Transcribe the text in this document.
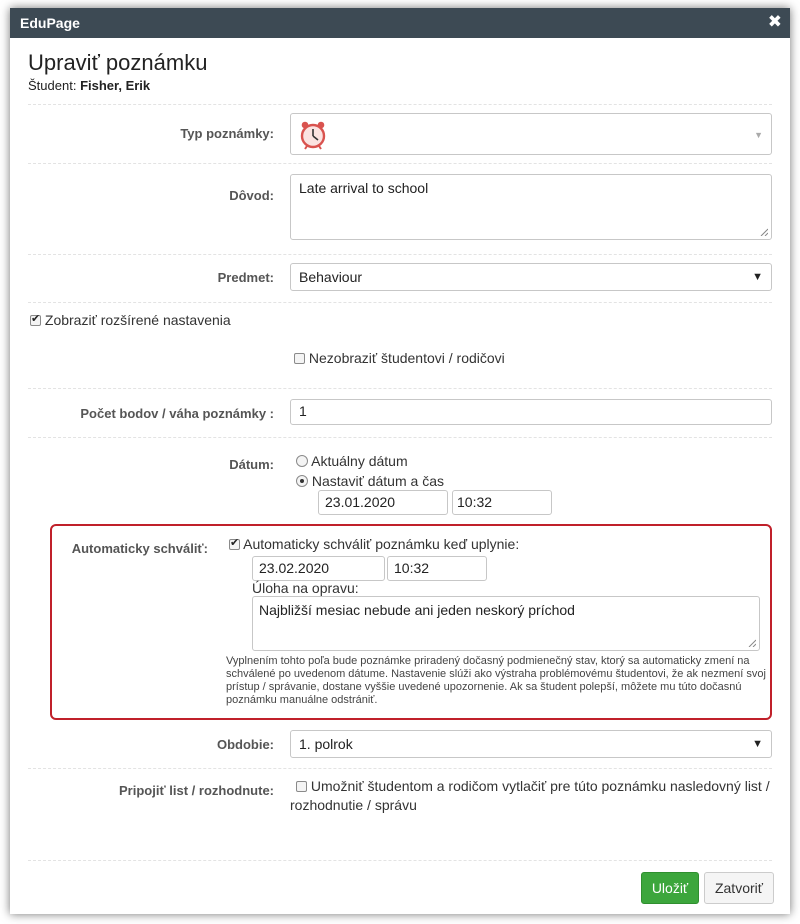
EduPage	✖
Upraviť poznámku
Študent: Fisher, Erik
Typ poznámky:	▼
Dôvod:	Late arrival to school
Predmet:	Behaviour	▼
✔ Zobraziť rozšírené nastavenia
Nezobraziť študentovi / rodičovi
Počet bodov / váha poznámky :	1
Dátum:	Aktuálny dátum
Nastaviť dátum a čas
23.01.2020	10:32
Automaticky schváliť:
✔	Automaticky schváliť poznámku keď uplynie:
23.02.2020	10:32
Úloha na opravu:
Najbližší mesiac nebude ani jeden neskorý príchod
Vyplnením tohto poľa bude poznámke priradený dočasný podmienečný stav, ktorý sa automaticky zmení na schválené po uvedenom dátume. Nastavenie slúži ako výstraha problémovému študentovi, že ak nezmení svoj prístup / správanie, dostane vyššie uvedené upozornenie. Ak sa študent polepší, môžete mu túto dočasnú poznámku manuálne odstrániť.
Obdobie:	1. polrok	▼
Pripojiť list / rozhodnute:	Umožniť študentom a rodičom vytlačiť pre túto poznámku nasledovný list /
rozhodnutie / správu
Uložiť	Zatvoriť
